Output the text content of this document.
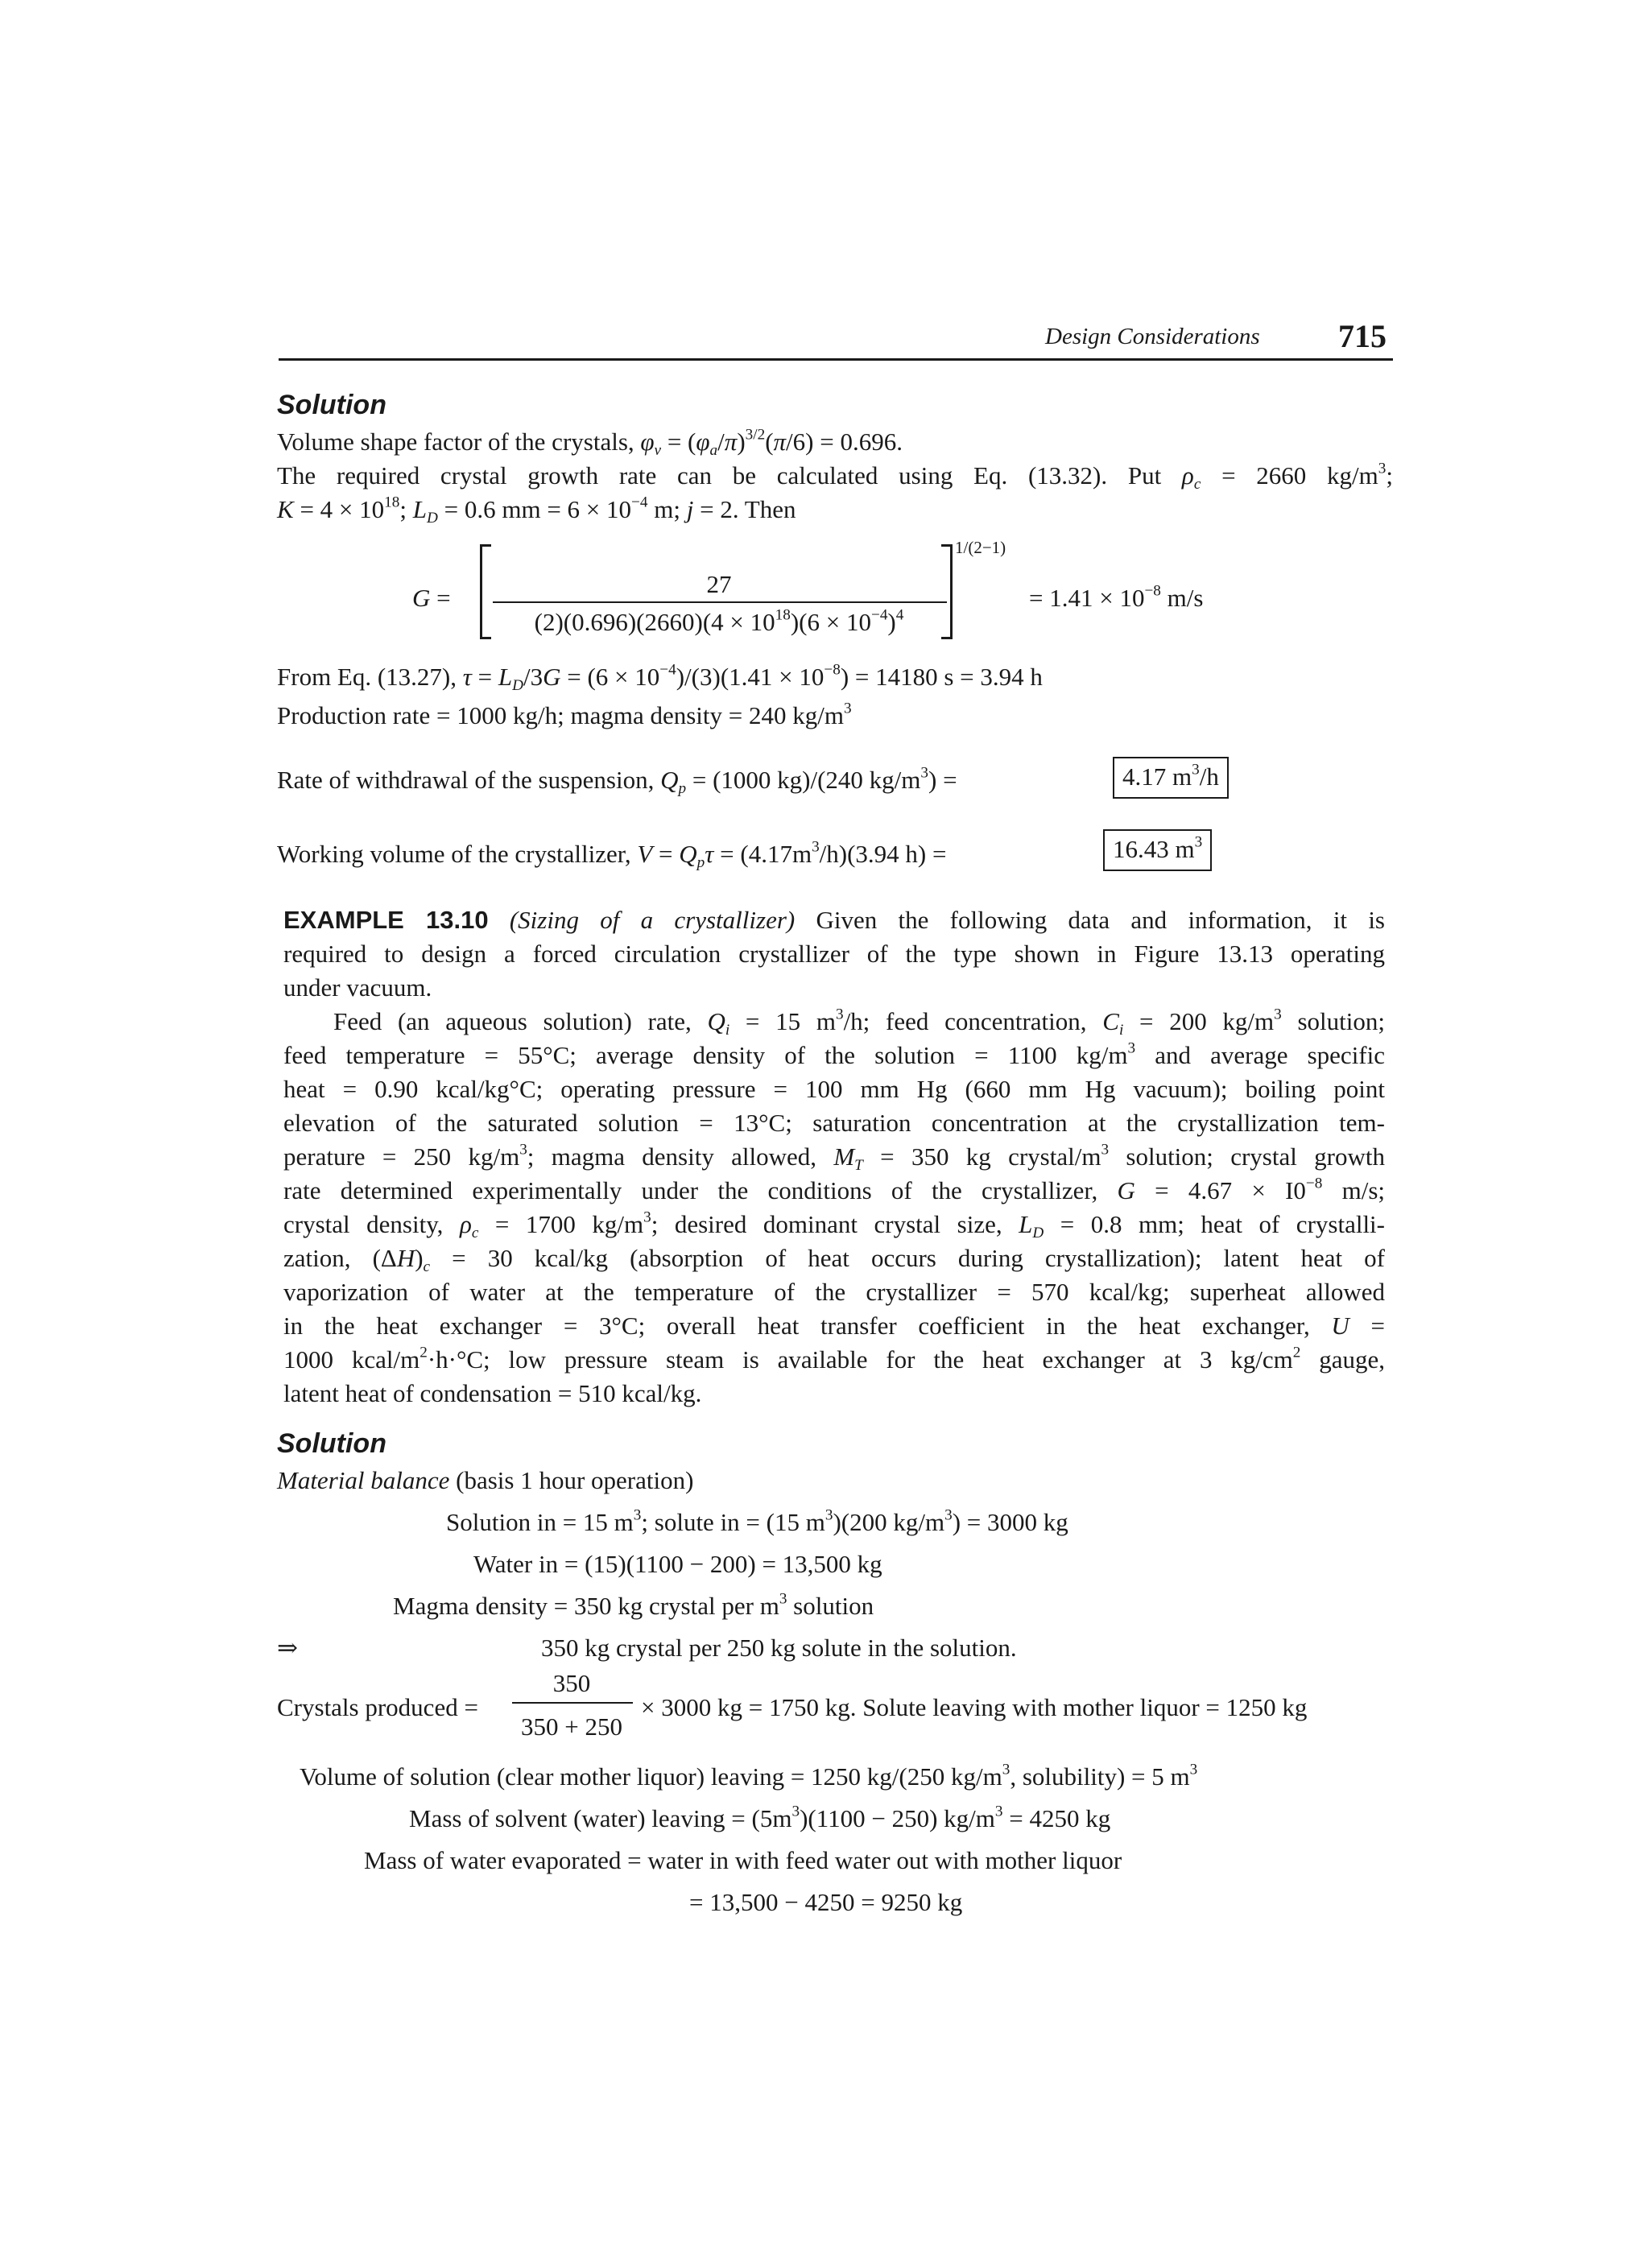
Design Considerations 715
Solution
Volume shape factor of the crystals, $\varphi_v = (\varphi_a/\pi)^{3/2}(\pi/6) = 0.696$.
The required crystal growth rate can be calculated using Eq. (13.32). Put $\rho_c = 2660$ $kg/m^3$;
$K = 4 \times 10^{18}$; $L_D = 0.6$ mm = $6 \times 10^{-4}$ m; j = 2. Then
G =	27
$(2)(0.696)(2660)(4 \times 10^{18})(6 \times 10^{-4})^4$
1/(2−1)
= $1.41 \times 10^{-8}$ m/s
From Eq. (13.27), $\tau = L_D/3G = (6 \times 10^{-4})/(3)(1.41 \times 10^{-8}) = 14180$ s = 3.94 h
Production rate = 1000 kg/h; magma density = 240 $kg/m^3$
Rate of withdrawal of the suspension, $Q_p = (1000$ kg)/(240 $kg/m^3$) =	4.17 $m^3/h$
Working volume of the crystallizer, $V = Q_p\tau = (4.17m^3/h)(3.94$ h) =	16.43 $m^3$
EXAMPLE 13.10 (Sizing of a crystallizer) Given the following data and information, it is
required to design a forced circulation crystallizer of the type shown in Figure 13.13 operating
under vacuum.
Feed (an aqueous solution) rate, $Q_i = 15$ $m^3/h$; feed concentration, $C_i = 200$ $kg/m^3$ solution;
feed temperature = 55°C; average density of the solution = 1100 $kg/m^3$ and average specific
heat = 0.90 kcal/kg°C; operating pressure = 100 mm Hg (660 mm Hg vacuum); boiling point
elevation of the saturated solution = 13°C; saturation concentration at the crystallization tem-
perature = 250 $kg/m^3$; magma density allowed, $M_T = 350$ kg crystal/$m^3$ solution; crystal growth
rate determined experimentally under the conditions of the crystallizer, $G = 4.67 \times I0^{-8}$ m/s;
crystal density, $\rho_c = 1700$ $kg/m^3$; desired dominant crystal size, $L_D = 0.8$ mm; heat of crystalli-
zation, $(\Delta H)_c = 30$ kcal/kg (absorption of heat occurs during crystallization); latent heat of
vaporization of water at the temperature of the crystallizer = 570 kcal/kg; superheat allowed
in the heat exchanger = 3°C; overall heat transfer coefficient in the heat exchanger, U =
1000 kcal/$m^2\cdot h\cdot^\circ C$; low pressure steam is available for the heat exchanger at 3 $kg/cm^2$ gauge,
latent heat of condensation = 510 kcal/kg.
Solution
Material balance (basis 1 hour operation)
Solution in = 15 $m^3$; solute in = (15 $m^3)(200$ $kg/m^3) = 3000$ kg
Water in = (15)(1100 − 200) = 13,500 kg
Magma density = 350 kg crystal per $m^3$ solution
⇒	350 kg crystal per 250 kg solute in the solution.
Crystals produced =
350
350 + 250
× 3000 kg = 1750 kg. Solute leaving with mother liquor = 1250 kg
Volume of solution (clear mother liquor) leaving = 1250 kg/(250 $kg/m^3$, solubility) = 5 $m^3$
Mass of solvent (water) leaving = $(5m^3)(1100 - 250) kg/m^3 = 4250$ kg
Mass of water evaporated = water in with feed water out with mother liquor
= 13,500 − 4250 = 9250 kg
